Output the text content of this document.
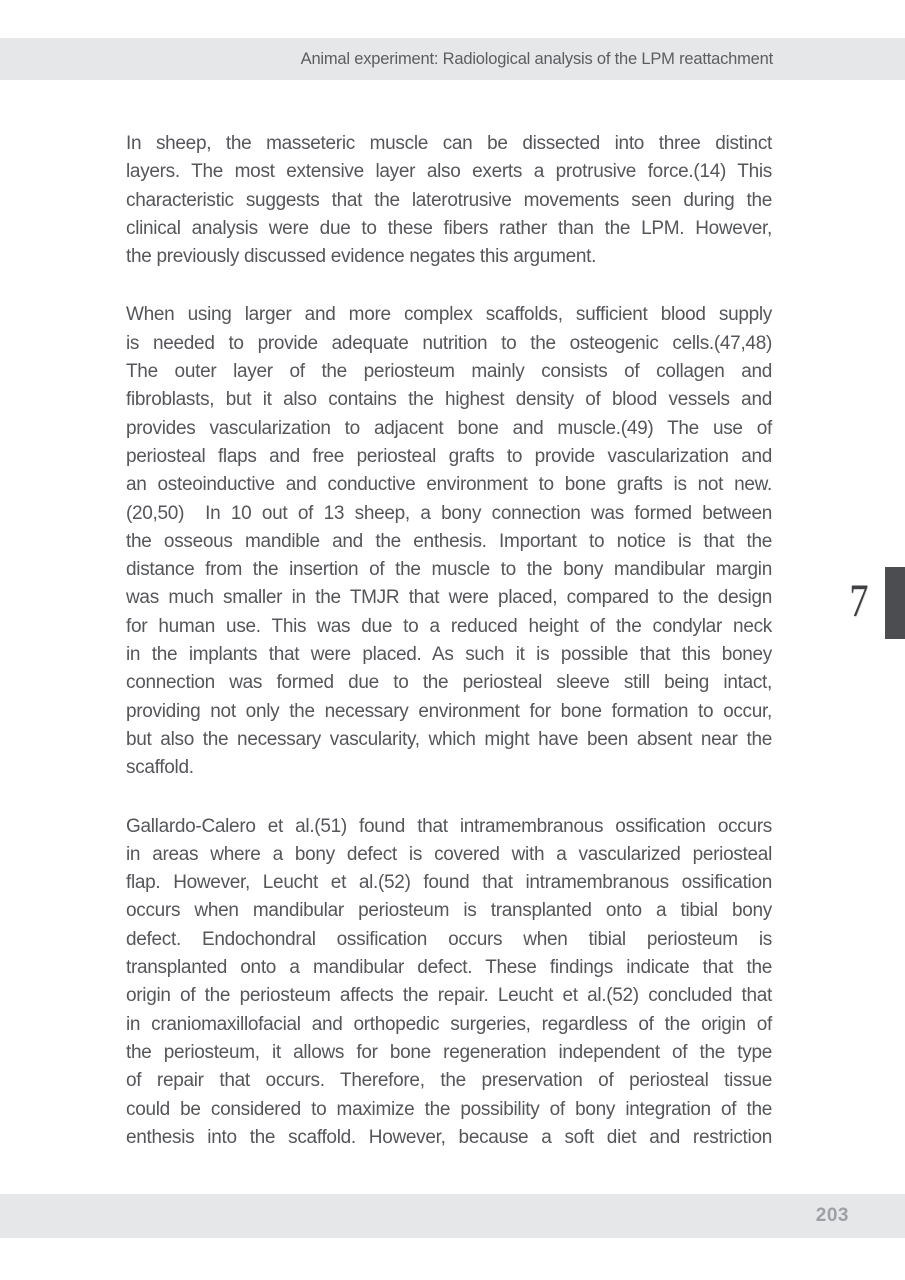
Animal experiment: Radiological analysis of the LPM reattachment
In sheep, the masseteric muscle can be dissected into three distinct
layers. The most extensive layer also exerts a protrusive force.(14) This
characteristic suggests that the laterotrusive movements seen during the
clinical analysis were due to these fibers rather than the LPM. However,
the previously discussed evidence negates this argument.
When using larger and more complex scaffolds, sufficient blood supply
is needed to provide adequate nutrition to the osteogenic cells.(47,48)
The outer layer of the periosteum mainly consists of collagen and
fibroblasts, but it also contains the highest density of blood vessels and
provides vascularization to adjacent bone and muscle.(49) The use of
periosteal flaps and free periosteal grafts to provide vascularization and
an osteoinductive and conductive environment to bone grafts is not new.
(20,50)  In 10 out of 13 sheep, a bony connection was formed between
the osseous mandible and the enthesis. Important to notice is that the
distance from the insertion of the muscle to the bony mandibular margin
was much smaller in the TMJR that were placed, compared to the design
for human use. This was due to a reduced height of the condylar neck
in the implants that were placed. As such it is possible that this boney
connection was formed due to the periosteal sleeve still being intact,
providing not only the necessary environment for bone formation to occur,
but also the necessary vascularity, which might have been absent near the
scaffold.
Gallardo-Calero et al.(51) found that intramembranous ossification occurs
in areas where a bony defect is covered with a vascularized periosteal
flap. However, Leucht et al.(52) found that intramembranous ossification
occurs when mandibular periosteum is transplanted onto a tibial bony
defect. Endochondral ossification occurs when tibial periosteum is
transplanted onto a mandibular defect. These findings indicate that the
origin of the periosteum affects the repair. Leucht et al.(52) concluded that
in craniomaxillofacial and orthopedic surgeries, regardless of the origin of
the periosteum, it allows for bone regeneration independent of the type
of repair that occurs. Therefore, the preservation of periosteal tissue
could be considered to maximize the possibility of bony integration of the
enthesis into the scaffold. However, because a soft diet and restriction
7
203
